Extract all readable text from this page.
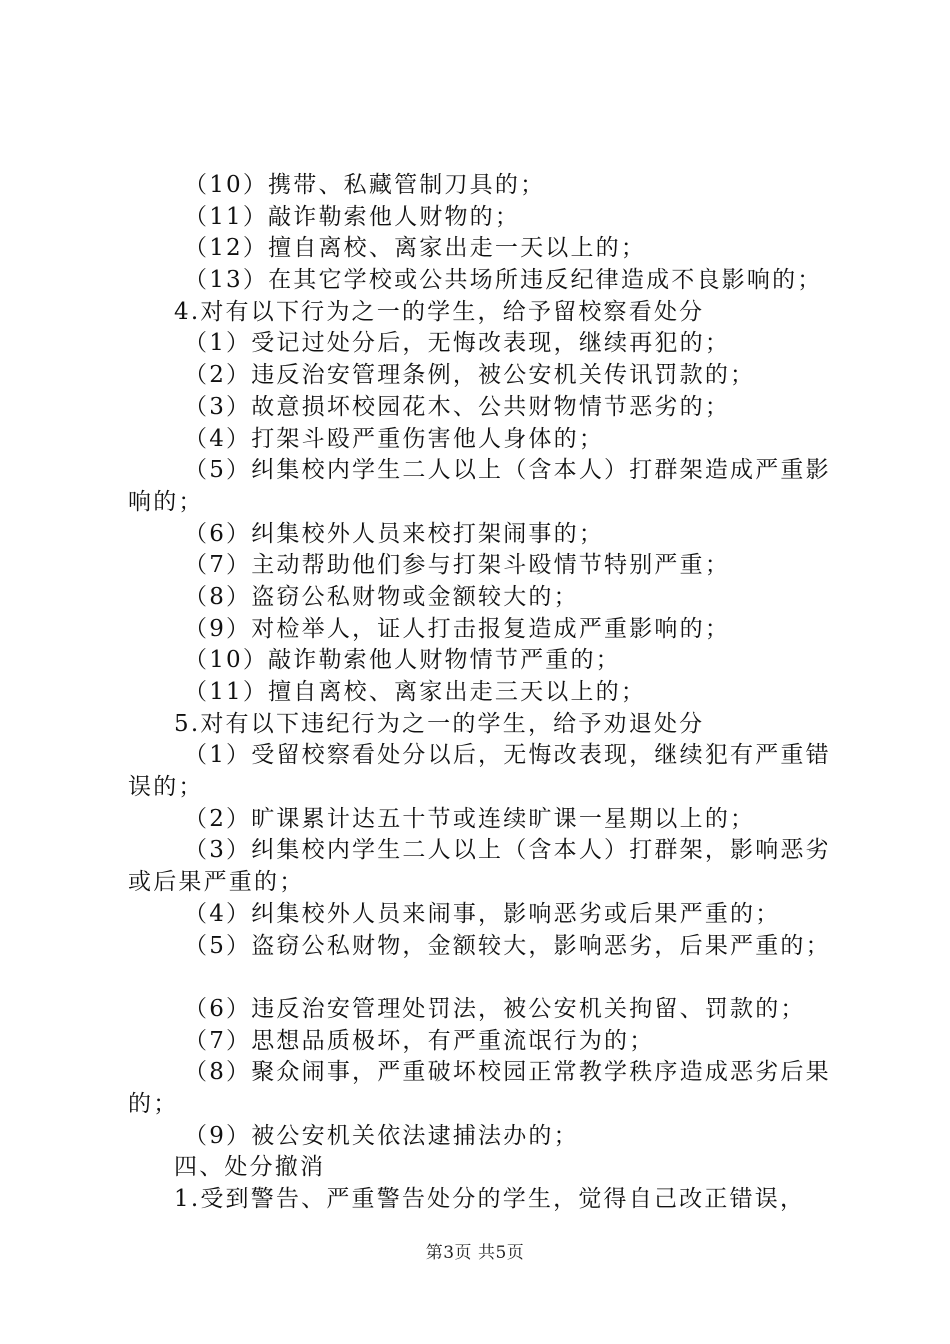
（10）携带、私藏管制刀具的；
（11）敲诈勒索他人财物的；
（12）擅自离校、离家出走一天以上的；
（13）在其它学校或公共场所违反纪律造成不良影响的；
4.对有以下行为之一的学生，给予留校察看处分
（1）受记过处分后，无悔改表现，继续再犯的；
（2）违反治安管理条例，被公安机关传讯罚款的；
（3）故意损坏校园花木、公共财物情节恶劣的；
（4）打架斗殴严重伤害他人身体的；
（5）纠集校内学生二人以上（含本人）打群架造成严重影
响的；
（6）纠集校外人员来校打架闹事的；
（7）主动帮助他们参与打架斗殴情节特别严重；
（8）盗窃公私财物或金额较大的；
（9）对检举人，证人打击报复造成严重影响的；
（10）敲诈勒索他人财物情节严重的；
（11）擅自离校、离家出走三天以上的；
5.对有以下违纪行为之一的学生，给予劝退处分
（1）受留校察看处分以后，无悔改表现，继续犯有严重错
误的；
（2）旷课累计达五十节或连续旷课一星期以上的；
（3）纠集校内学生二人以上（含本人）打群架，影响恶劣
或后果严重的；
（4）纠集校外人员来闹事，影响恶劣或后果严重的；
（5）盗窃公私财物，金额较大，影响恶劣，后果严重的；
（6）违反治安管理处罚法，被公安机关拘留、罚款的；
（7）思想品质极坏，有严重流氓行为的；
（8）聚众闹事，严重破坏校园正常教学秩序造成恶劣后果
的；
（9）被公安机关依法逮捕法办的；
四、处分撤消
1.受到警告、严重警告处分的学生，觉得自己改正错误，
第3页 共5页
